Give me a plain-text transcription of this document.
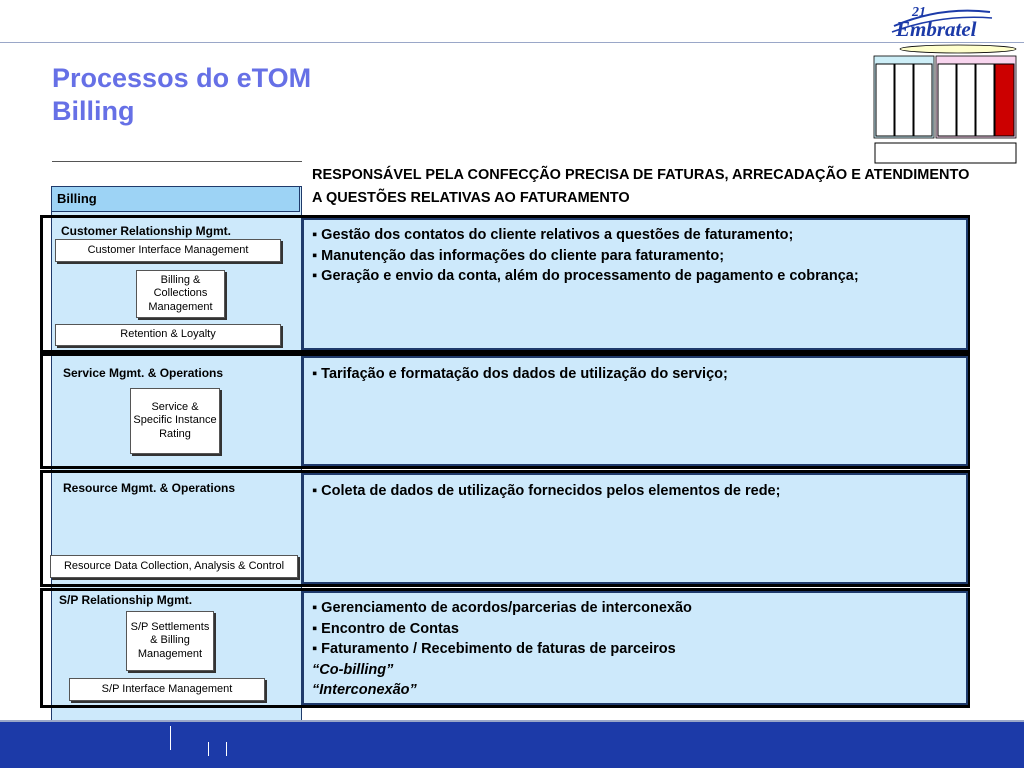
Processos do eTOM
Billing
21
Embratel
RESPONSÁVEL PELA CONFECÇÃO PRECISA DE FATURAS, ARRECADAÇÃO E ATENDIMENTO A QUESTÕES RELATIVAS AO FATURAMENTO
Billing
▪ Gestão dos contatos do cliente relativos a questões de faturamento;
▪ Manutenção das informações do cliente para faturamento;
▪ Geração e envio da conta, além do processamento de pagamento e cobrança;
▪ Tarifação e formatação dos dados de utilização do serviço;
▪ Coleta de dados de utilização fornecidos pelos elementos de rede;
▪ Gerenciamento de acordos/parcerias de interconexão
▪ Encontro de Contas
▪ Faturamento / Recebimento de faturas de parceiros
“Co-billing”
“Interconexão”
Customer Relationship Mgmt.
Customer Interface Management
Billing & Collections Management
Retention & Loyalty
Service Mgmt. & Operations
Service & Specific Instance Rating
Resource Mgmt. & Operations
Resource Data Collection, Analysis & Control
S/P Relationship Mgmt.
S/P Settlements & Billing Management
S/P Interface Management
